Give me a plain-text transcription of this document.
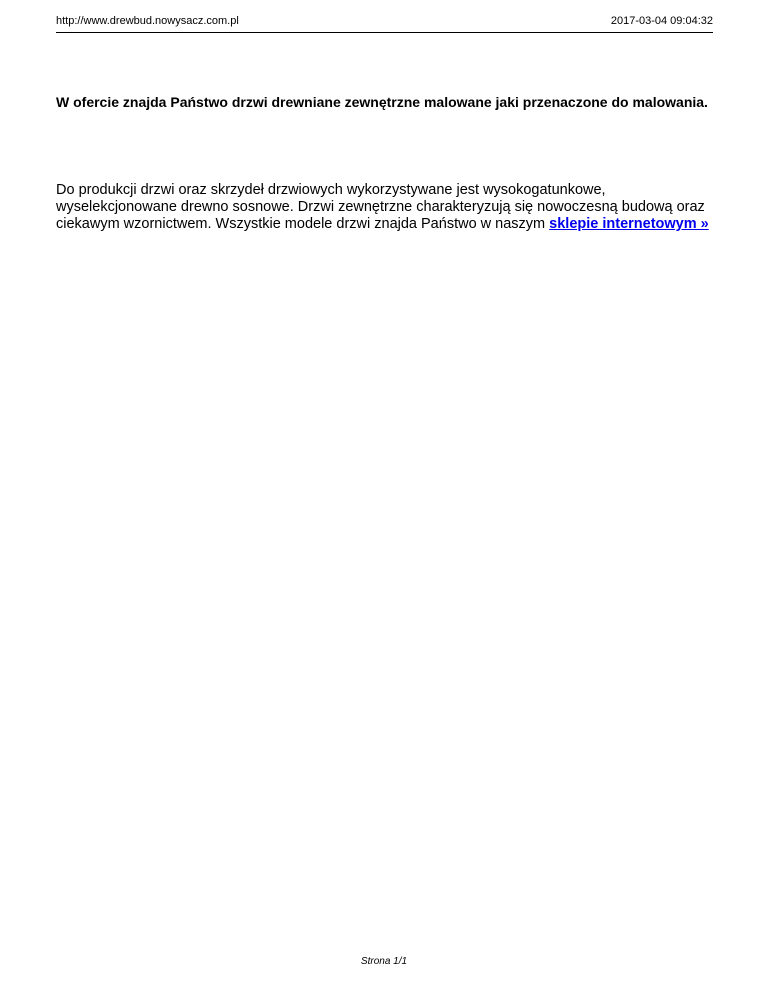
http://www.drewbud.nowysacz.com.pl	2017-03-04 09:04:32
W ofercie znajda Państwo drzwi drewniane zewnętrzne malowane jaki przenaczone do malowania.

Do produkcji drzwi oraz skrzydeł drzwiowych wykorzystywane jest wysokogatunkowe, wyselekcjonowane drewno sosnowe. Drzwi zewnętrzne charakteryzują się nowoczesną budową oraz ciekawym wzornictwem. Wszystkie modele drzwi znajda Państwo w naszym sklepie internetowym »

Strona 1/1
